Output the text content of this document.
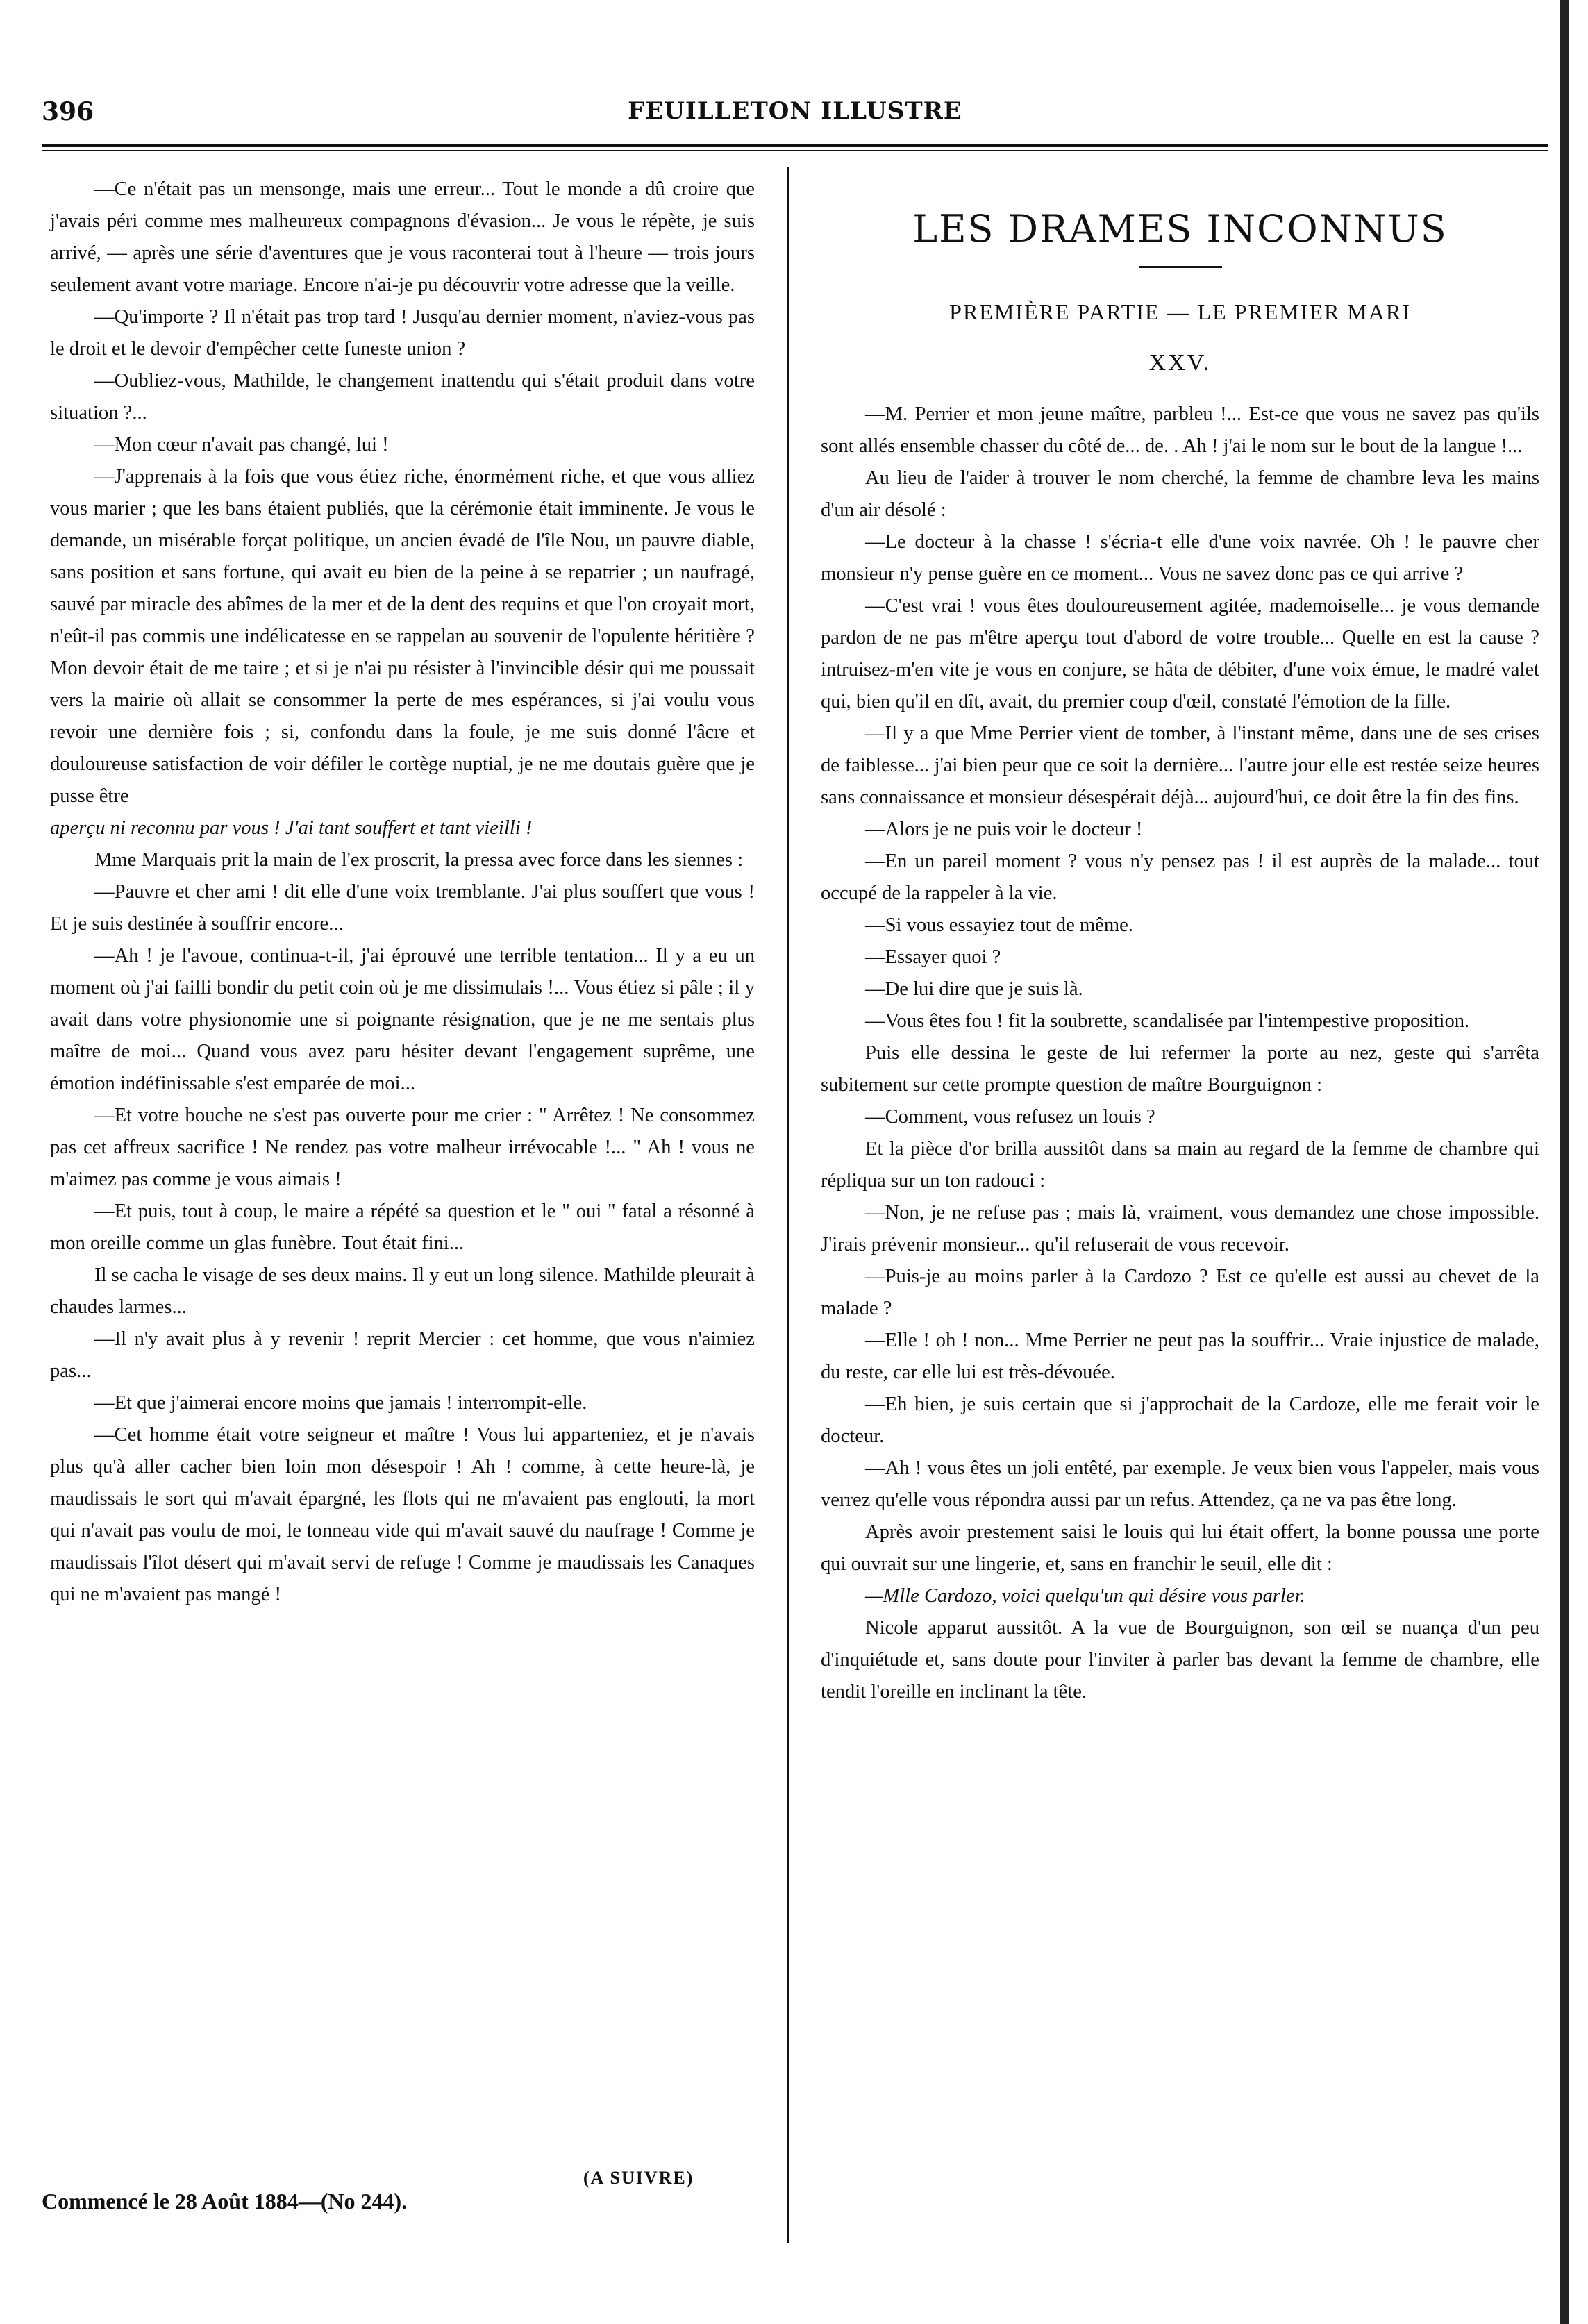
396	FEUILLETON ILLUSTRE

—Ce n'était pas un mensonge, mais une erreur... Tout le monde a dû croire que j'avais péri comme mes malheureux compagnons d'évasion... Je vous le répète, je suis arrivé, — après une série d'aventures que je vous raconterai tout à l'heure — trois jours seulement avant votre mariage. Encore n'ai-je pu découvrir votre adresse que la veille.

—Qu'importe ? Il n'était pas trop tard ! Jusqu'au dernier moment, n'aviez-vous pas le droit et le devoir d'empêcher cette funeste union ?

—Oubliez-vous, Mathilde, le changement inattendu qui s'était produit dans votre situation ?...

—Mon cœur n'avait pas changé, lui !

—J'apprenais à la fois que vous étiez riche, énormément riche, et que vous alliez vous marier ; que les bans étaient publiés, que la cérémonie était imminente. Je vous le demande, un misérable forçat politique, un ancien évadé de l'île Nou, un pauvre diable, sans position et sans fortune, qui avait eu bien de la peine à se repatrier ; un naufragé, sauvé par miracle des abîmes de la mer et de la dent des requins et que l'on croyait mort, n'eût-il pas commis une indélicatesse en se rappelan au souvenir de l'opulente héritière ? Mon devoir était de me taire ; et si je n'ai pu résister à l'invincible désir qui me poussait vers la mairie où allait se consommer la perte de mes espérances, si j'ai voulu vous revoir une dernière fois ; si, confondu dans la foule, je me suis donné l'âcre et douloureuse satisfaction de voir défiler le cortège nuptial, je ne me doutais guère que je pusse être

aperçu ni reconnu par vous ! J'ai tant souffert et tant vieilli !

Mme Marquais prit la main de l'ex proscrit, la pressa avec force dans les siennes :

—Pauvre et cher ami ! dit elle d'une voix tremblante. J'ai plus souffert que vous ! Et je suis destinée à souffrir encore...

—Ah ! je l'avoue, continua-t-il, j'ai éprouvé une terrible tentation... Il y a eu un moment où j'ai failli bondir du petit coin où je me dissimulais !... Vous étiez si pâle ; il y avait dans votre physionomie une si poignante résignation, que je ne me sentais plus maître de moi... Quand vous avez paru hésiter devant l'engagement suprême, une émotion indéfinissable s'est emparée de moi...

—Et votre bouche ne s'est pas ouverte pour me crier : " Arrêtez ! Ne consommez pas cet affreux sacrifice ! Ne rendez pas votre malheur irrévocable !... " Ah ! vous ne m'aimez pas comme je vous aimais !

—Et puis, tout à coup, le maire a répété sa question et le " oui " fatal a résonné à mon oreille comme un glas funèbre. Tout était fini...

Il se cacha le visage de ses deux mains. Il y eut un long silence. Mathilde pleurait à chaudes larmes...

—Il n'y avait plus à y revenir ! reprit Mercier : cet homme, que vous n'aimiez pas...

—Et que j'aimerai encore moins que jamais ! interrompit-elle.

—Cet homme était votre seigneur et maître ! Vous lui apparteniez, et je n'avais plus qu'à aller cacher bien loin mon désespoir ! Ah ! comme, à cette heure-là, je maudissais le sort qui m'avait épargné, les flots qui ne m'avaient pas englouti, la mort qui n'avait pas voulu de moi, le tonneau vide qui m'avait sauvé du naufrage ! Comme je maudissais l'îlot désert qui m'avait servi de refuge ! Comme je maudissais les Canaques qui ne m'avaient pas mangé !

LES DRAMES INCONNUS
PREMIÈRE PARTIE — LE PREMIER MARI
XXV.

—M. Perrier et mon jeune maître, parbleu !... Est-ce que vous ne savez pas qu'ils sont allés ensemble chasser du côté de... de. . Ah ! j'ai le nom sur le bout de la langue !...

Au lieu de l'aider à trouver le nom cherché, la femme de chambre leva les mains d'un air désolé :

—Le docteur à la chasse ! s'écria-t elle d'une voix navrée. Oh ! le pauvre cher monsieur n'y pense guère en ce moment... Vous ne savez donc pas ce qui arrive ?

—C'est vrai ! vous êtes douloureusement agitée, mademoiselle... je vous demande pardon de ne pas m'être aperçu tout d'abord de votre trouble... Quelle en est la cause ? intruisez-m'en vite je vous en conjure, se hâta de débiter, d'une voix émue, le madré valet qui, bien qu'il en dît, avait, du premier coup d'œil, constaté l'émotion de la fille.

—Il y a que Mme Perrier vient de tomber, à l'instant même, dans une de ses crises de faiblesse... j'ai bien peur que ce soit la dernière... l'autre jour elle est restée seize heures sans connaissance et monsieur désespérait déjà... aujourd'hui, ce doit être la fin des fins.

—Alors je ne puis voir le docteur !

—En un pareil moment ? vous n'y pensez pas ! il est auprès de la malade... tout occupé de la rappeler à la vie.

—Si vous essayiez tout de même.

—Essayer quoi ?

—De lui dire que je suis là.

—Vous êtes fou ! fit la soubrette, scandalisée par l'intempestive proposition.

Puis elle dessina le geste de lui refermer la porte au nez, geste qui s'arrêta subitement sur cette prompte question de maître Bourguignon :

—Comment, vous refusez un louis ?

Et la pièce d'or brilla aussitôt dans sa main au regard de la femme de chambre qui répliqua sur un ton radouci :

—Non, je ne refuse pas ; mais là, vraiment, vous demandez une chose impossible. J'irais prévenir monsieur... qu'il refuserait de vous recevoir.

—Puis-je au moins parler à la Cardozo ? Est ce qu'elle est aussi au chevet de la malade ?

—Elle ! oh ! non... Mme Perrier ne peut pas la souffrir... Vraie injustice de malade, du reste, car elle lui est très-dévouée.

—Eh bien, je suis certain que si j'approchait de la Cardoze, elle me ferait voir le docteur.

—Ah ! vous êtes un joli entêté, par exemple. Je veux bien vous l'appeler, mais vous verrez qu'elle vous répondra aussi par un refus. Attendez, ça ne va pas être long.

Après avoir prestement saisi le louis qui lui était offert, la bonne poussa une porte qui ouvrait sur une lingerie, et, sans en franchir le seuil, elle dit :

—Mlle Cardozo, voici quelqu'un qui désire vous parler.

Nicole apparut aussitôt. A la vue de Bourguignon, son œil se nuança d'un peu d'inquiétude et, sans doute pour l'inviter à parler bas devant la femme de chambre, elle tendit l'oreille en inclinant la tête.

(A SUIVRE)
Commencé le 28 Août 1884—(No 244).
